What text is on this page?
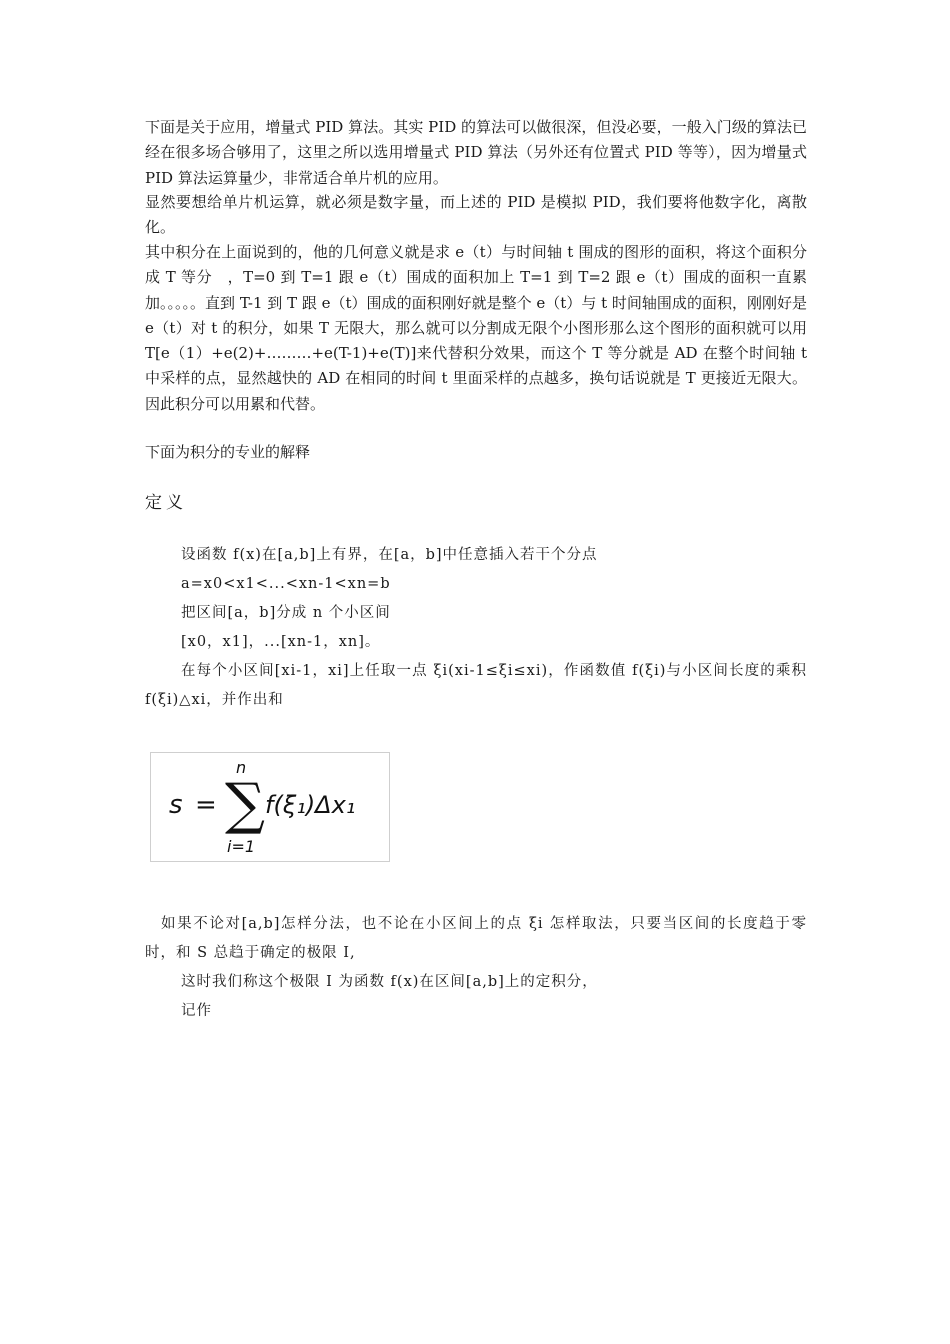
下面是关于应用，增量式 PID 算法。其实 PID 的算法可以做很深，但没必要，一般入门级的算法已经在很多场合够用了，这里之所以选用增量式 PID 算法（另外还有位置式 PID 等等），因为增量式 PID 算法运算量少，非常适合单片机的应用。
显然要想给单片机运算，就必须是数字量，而上述的 PID 是模拟 PID，我们要将他数字化，离散化。
其中积分在上面说到的，他的几何意义就是求 e（t）与时间轴 t 围成的图形的面积，将这个面积分成 T 等分　，T=0 到 T=1 跟 e（t）围成的面积加上 T=1 到 T=2 跟 e（t）围成的面积一直累加。。。。。直到 T-1 到 T 跟 e（t）围成的面积刚好就是整个 e（t）与 t 时间轴围成的面积，刚刚好是 e（t）对 t 的积分，如果 T 无限大，那么就可以分割成无限个小图形那么这个图形的面积就可以用 T[e（1）+e(2)+………+e(T-1)+e(T)]来代替积分效果，而这个 T 等分就是 AD 在整个时间轴 t 中采样的点，显然越快的 AD 在相同的时间 t 里面采样的点越多，换句话说就是 T 更接近无限大。因此积分可以用累和代替。
下面为积分的专业的解释
定义
设函数 f(x)在[a,b]上有界，在[a，b]中任意插入若干个分点
a=x0<x1<...<xn-1<xn=b
把区间[a，b]分成 n 个小区间
[x0，x1]，...[xn-1，xn]。
在每个小区间[xi-1，xi]上任取一点 ξi(xi-1≤ξi≤xi)，作函数值 f(ξi)与小区间长度的乘积 f(ξi)△xi，并作出和
s = ∑
n
i=1
f(ξ₁)Δx₁
如果不论对[a,b]怎样分法，也不论在小区间上的点 ξi 怎样取法，只要当区间的长度趋于零时，和 S 总趋于确定的极限 I,
这时我们称这个极限 I 为函数 f(x)在区间[a,b]上的定积分，
记作
